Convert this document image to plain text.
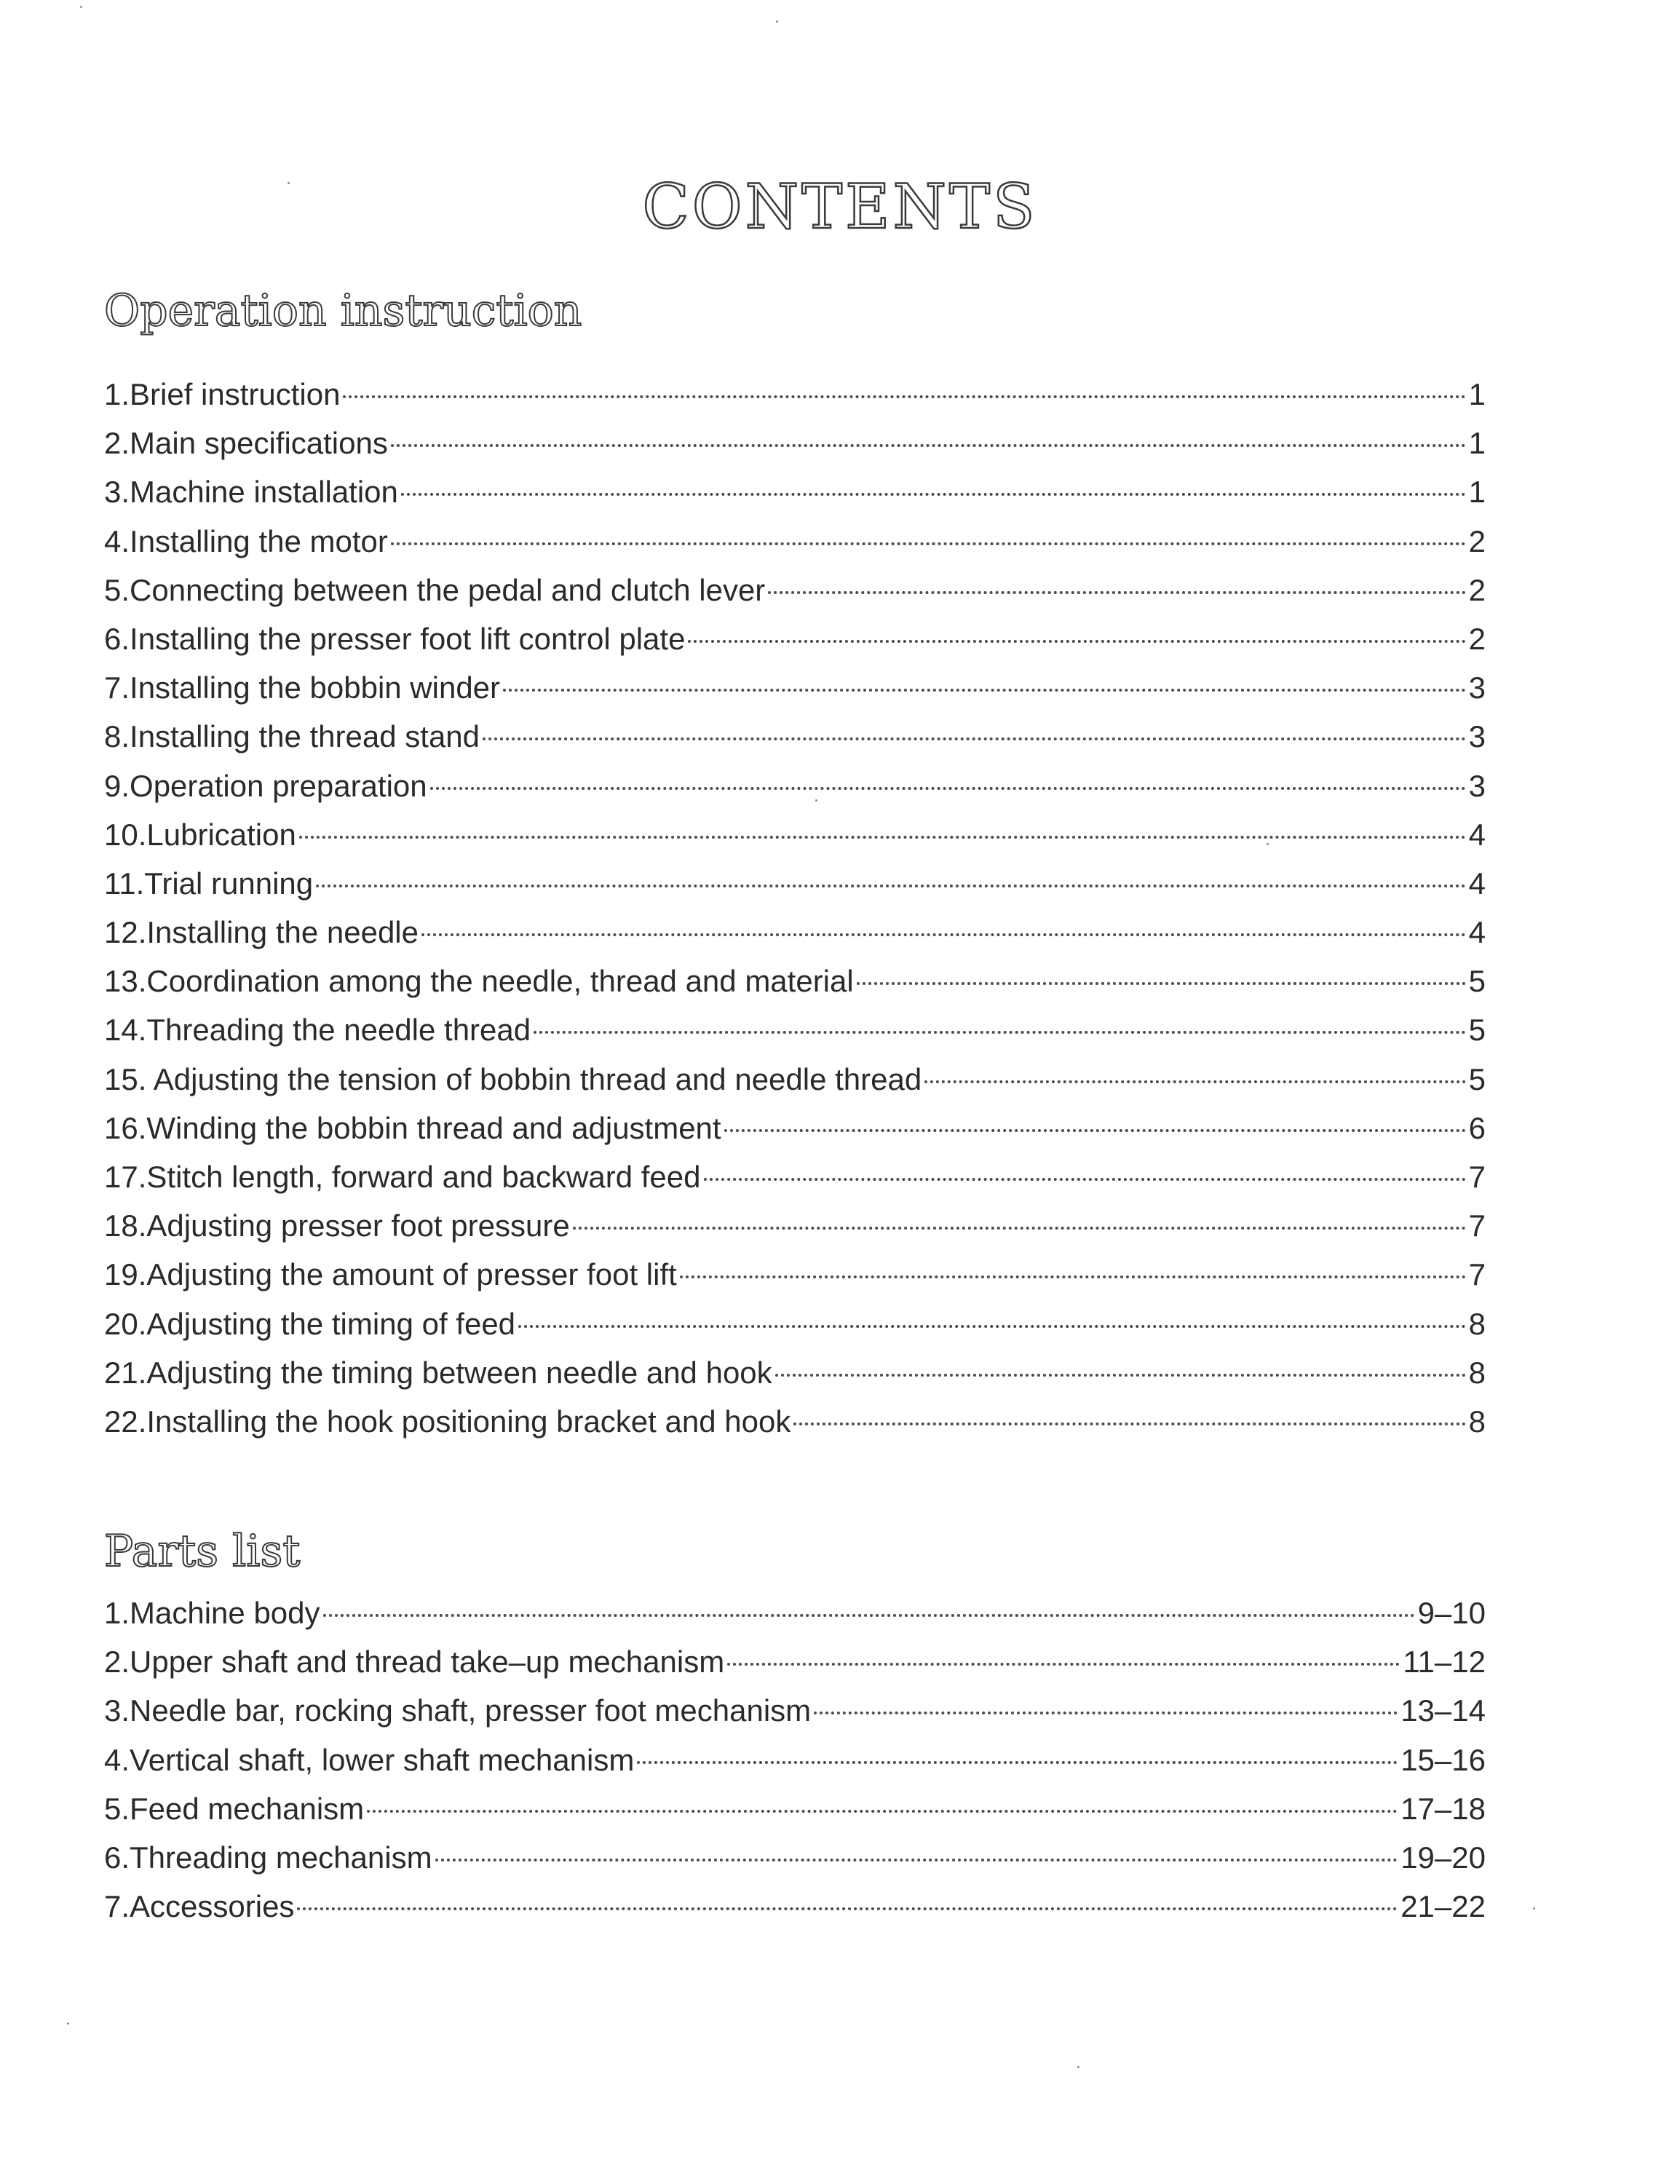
CONTENTS
Operation instruction
1.Brief instruction	1
2.Main specifications	1
3.Machine installation	1
4.Installing the motor	2
5.Connecting between the pedal and clutch lever	2
6.Installing the presser foot lift control plate	2
7.Installing the bobbin winder	3
8.Installing the thread stand	3
9.Operation preparation	3
10.Lubrication	4
11.Trial running	4
12.Installing the needle	4
13.Coordination among the needle, thread and material	5
14.Threading the needle thread	5
15. Adjusting the tension of bobbin thread and needle thread	5
16.Winding the bobbin thread and adjustment	6
17.Stitch length, forward and backward feed	7
18.Adjusting presser foot pressure	7
19.Adjusting the amount of presser foot lift	7
20.Adjusting the timing of feed	8
21.Adjusting the timing between needle and hook	8
22.Installing the hook positioning bracket and hook	8
Parts list
1.Machine body	9–10
2.Upper shaft and thread take–up mechanism	11–12
3.Needle bar, rocking shaft, presser foot mechanism	13–14
4.Vertical shaft, lower shaft mechanism	15–16
5.Feed mechanism	17–18
6.Threading mechanism	19–20
7.Accessories	21–22
